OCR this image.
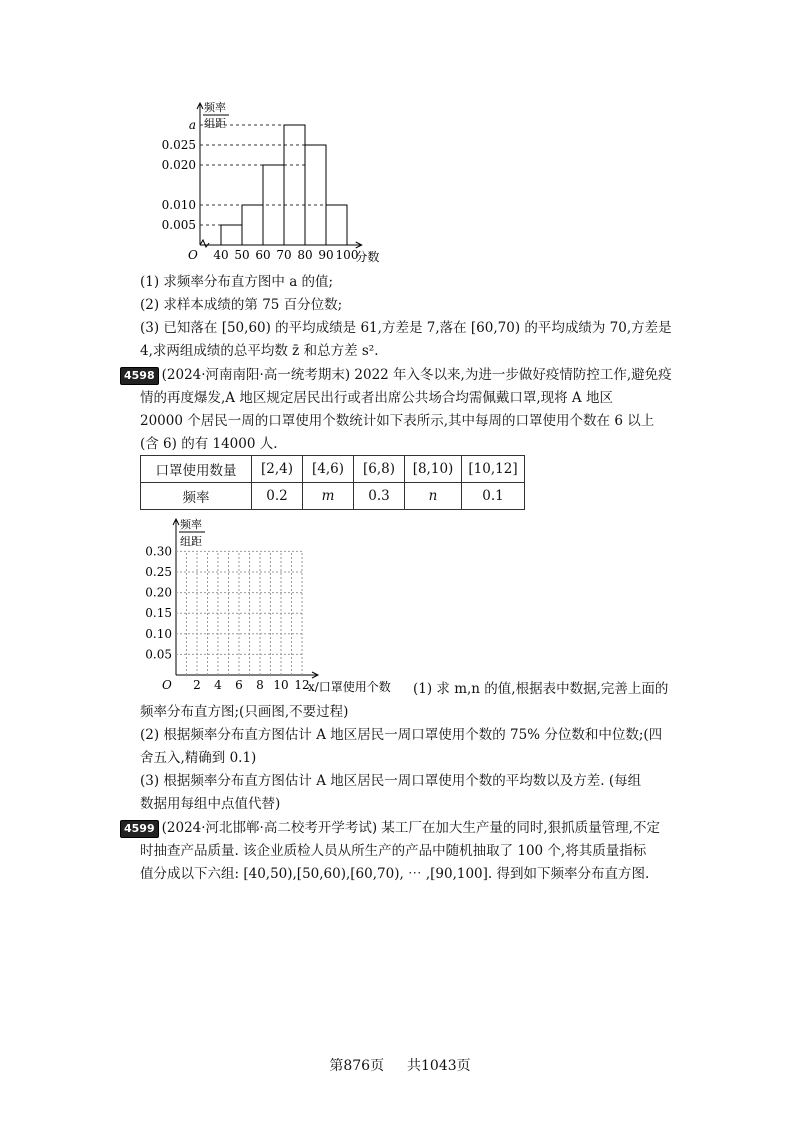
频率
组距
O	分数
40 50 60 70 80 90 100
0.005
0.010
0.020
0.025
a
(1) 求频率分布直方图中 a 的值;
(2) 求样本成绩的第 75 百分位数;
(3) 已知落在 [50,60) 的平均成绩是 61,方差是 7,落在 [60,70) 的平均成绩为 70,方差是
4,求两组成绩的总平均数 z̄ 和总方差 s².
4598 (2024·河南南阳·高一统考期末) 2022 年入冬以来,为进一步做好疫情防控工作,避免疫
情的再度爆发,A 地区规定居民出行或者出席公共场合均需佩戴口罩,现将 A 地区
20000 个居民一周的口罩使用个数统计如下表所示,其中每周的口罩使用个数在 6 以上
(含 6) 的有 14000 人.
口罩使用数量	[2,4)	[4,6)	[6,8)	[8,10)	[10,12]
频率	0.2	m	0.3	n	0.1
频率
组距
O	x/口罩使用个数
2 4 6 8 10 12
0.05
0.10
0.15
0.20
0.25
0.30
(1) 求 m,n 的值,根据表中数据,完善上面的
频率分布直方图;(只画图,不要过程)
(2) 根据频率分布直方图估计 A 地区居民一周口罩使用个数的 75% 分位数和中位数;(四
舍五入,精确到 0.1)
(3) 根据频率分布直方图估计 A 地区居民一周口罩使用个数的平均数以及方差. (每组
数据用每组中点值代替)
4599 (2024·河北邯郸·高二校考开学考试) 某工厂在加大生产量的同时,狠抓质量管理,不定
时抽查产品质量. 该企业质检人员从所生产的产品中随机抽取了 100 个,将其质量指标
值分成以下六组: [40,50),[50,60),[60,70), ⋯ ,[90,100]. 得到如下频率分布直方图.
第876页 共1043页
